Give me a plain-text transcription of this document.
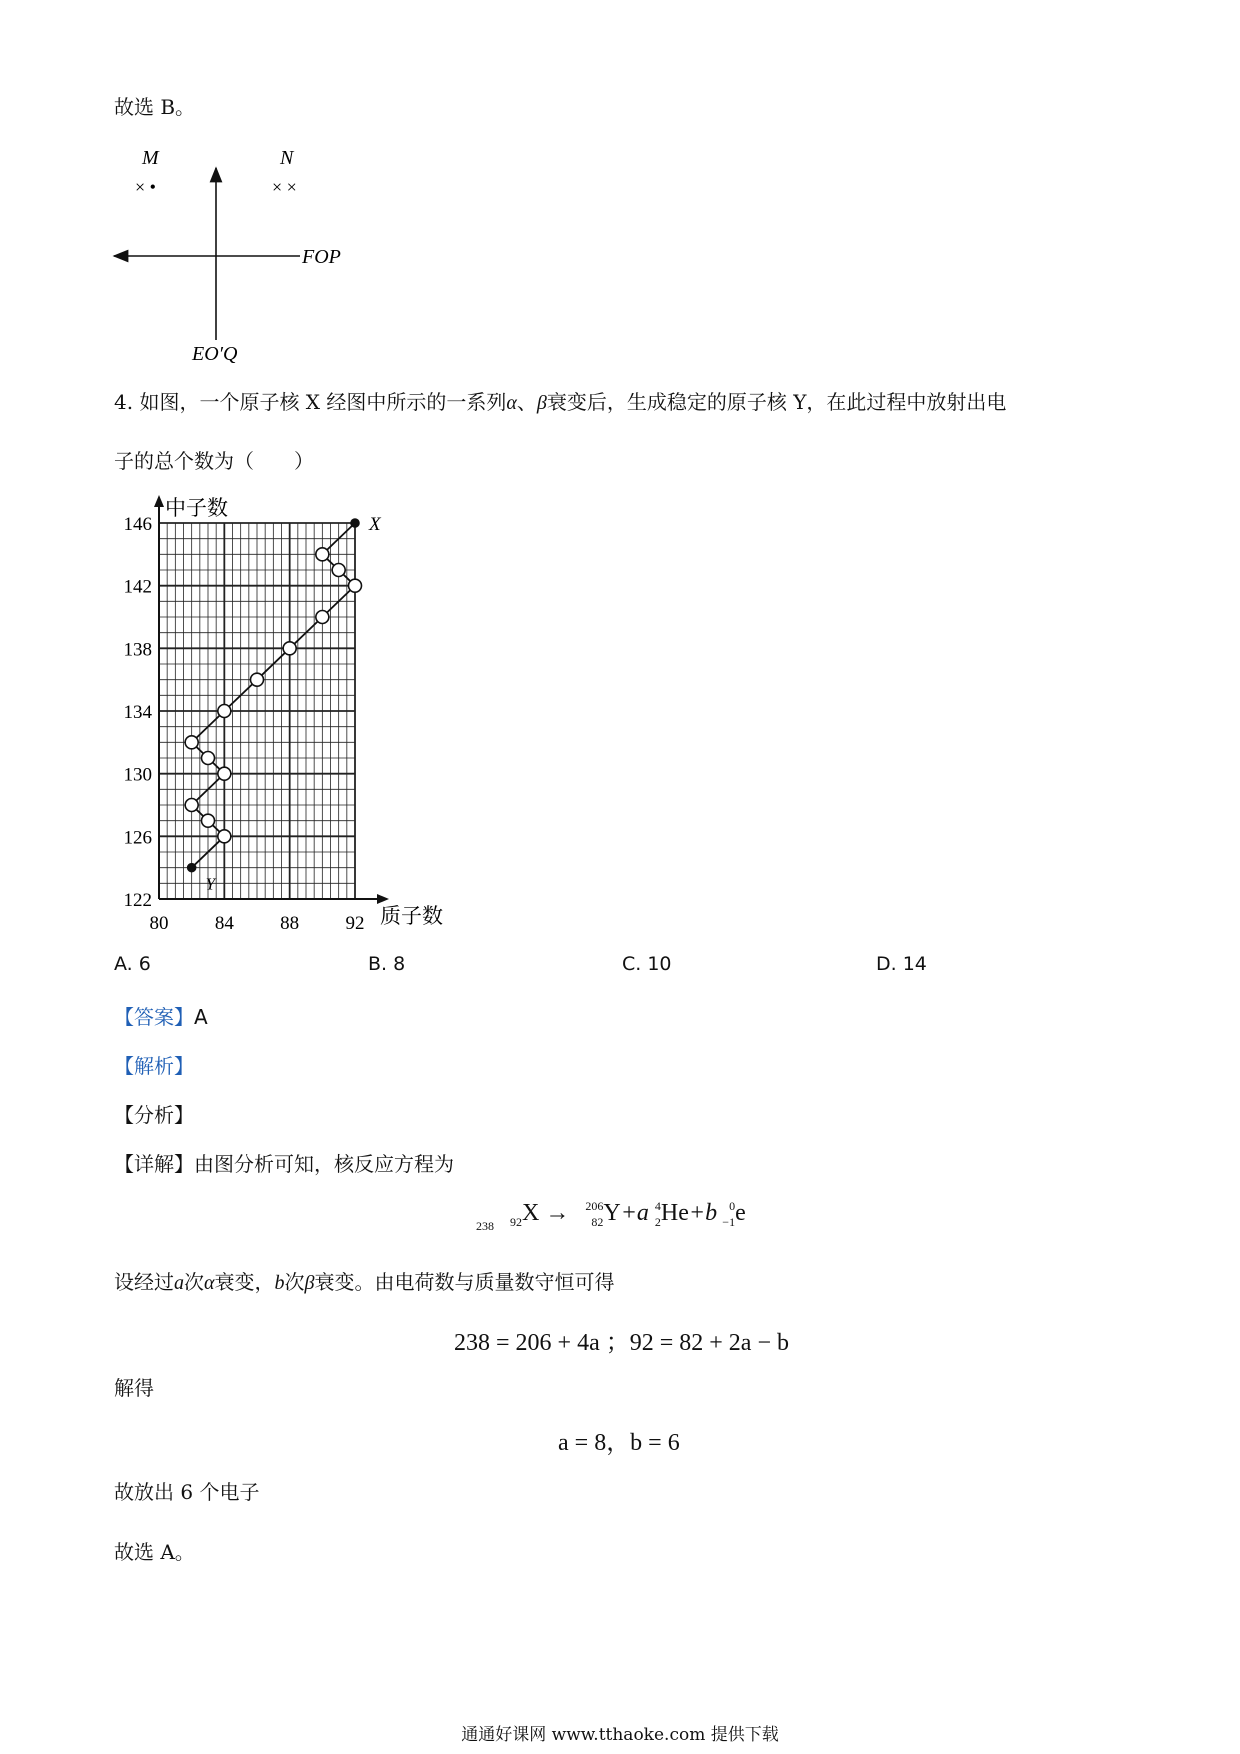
故选 B。
M
× •
N
× ×
FOP
EO′Q
4. 如图，一个原子核 X 经图中所示的一系列α、β衰变后，生成稳定的原子核 Y，在此过程中放射出电
子的总个数为（　　）
122
126
130
134
138
142
146
80 84 88 92
中子数
质子数
X
Y
A. 6	B. 8	C. 10	D. 14
【答案】A
【解析】
【分析】
【详解】由图分析可知，核反应方程为
238 92 X → 206
82 Y+a 4
2 He+b 0
−1 e
设经过a次α衰变，b次β衰变。由电荷数与质量数守恒可得
238 = 206 + 4a ；92 = 82 + 2a − b
解得
a = 8，b = 6
故放出 6 个电子
故选 A。
通通好课网 www.tthaoke.com 提供下载
